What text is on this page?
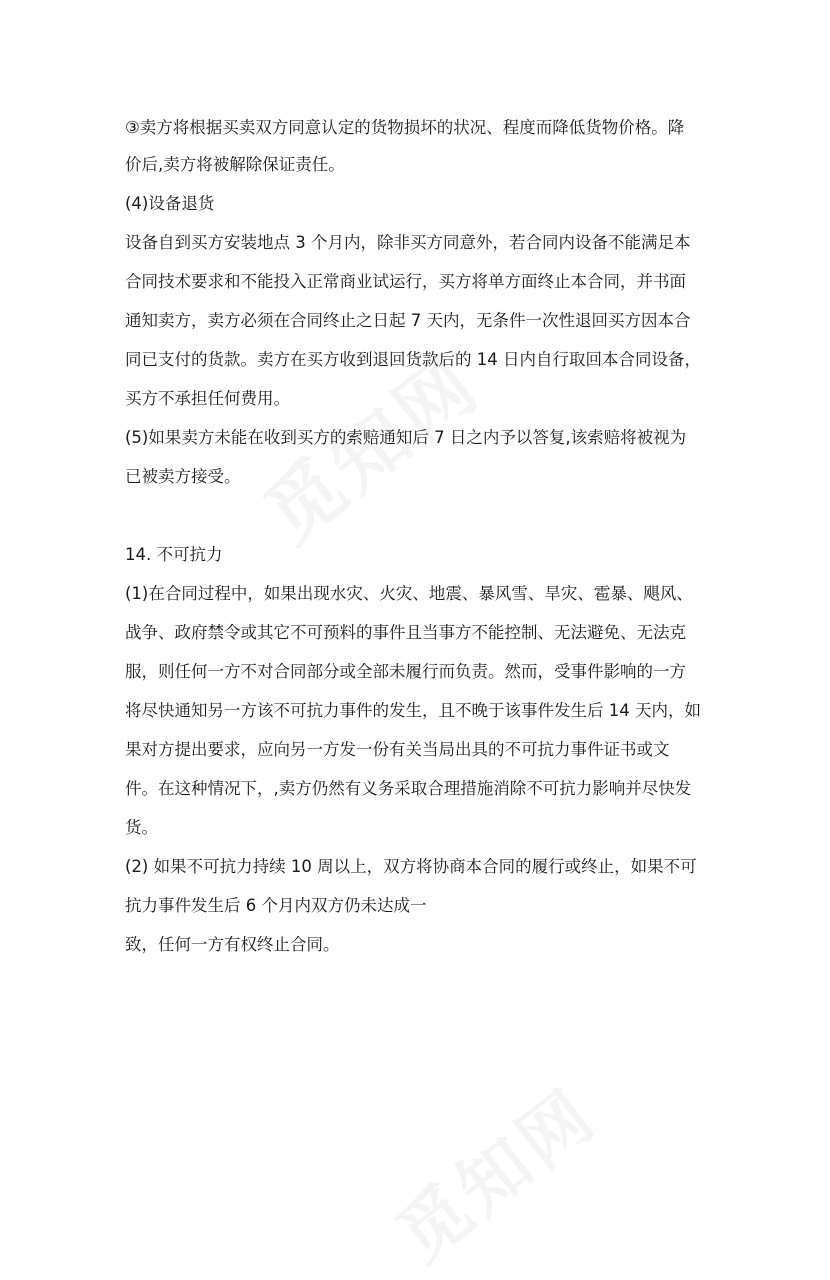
③卖方将根据买卖双方同意认定的货物损坏的状况、程度而降低货物价格。降
价后,卖方将被解除保证责任。
(4)设备退货
设备自到买方安装地点 3 个月内，除非买方同意外，若合同内设备不能满足本
合同技术要求和不能投入正常商业试运行，买方将单方面终止本合同，并书面
通知卖方，卖方必须在合同终止之日起 7 天内，无条件一次性退回买方因本合
同已支付的货款。卖方在买方收到退回货款后的 14 日内自行取回本合同设备，
买方不承担任何费用。
(5)如果卖方未能在收到买方的索赔通知后 7 日之内予以答复,该索赔将被视为
已被卖方接受。
14. 不可抗力
(1)在合同过程中，如果出现水灾、火灾、地震、暴风雪、旱灾、雹暴、飓风、
战争、政府禁令或其它不可预料的事件且当事方不能控制、无法避免、无法克
服，则任何一方不对合同部分或全部未履行而负责。然而，受事件影响的一方
将尽快通知另一方该不可抗力事件的发生，且不晚于该事件发生后 14 天内，如
果对方提出要求，应向另一方发一份有关当局出具的不可抗力事件证书或文
件。在这种情况下，,卖方仍然有义务采取合理措施消除不可抗力影响并尽快发
货。
(2) 如果不可抗力持续 10 周以上，双方将协商本合同的履行或终止，如果不可
抗力事件发生后 6 个月内双方仍未达成一
致，任何一方有权终止合同。
